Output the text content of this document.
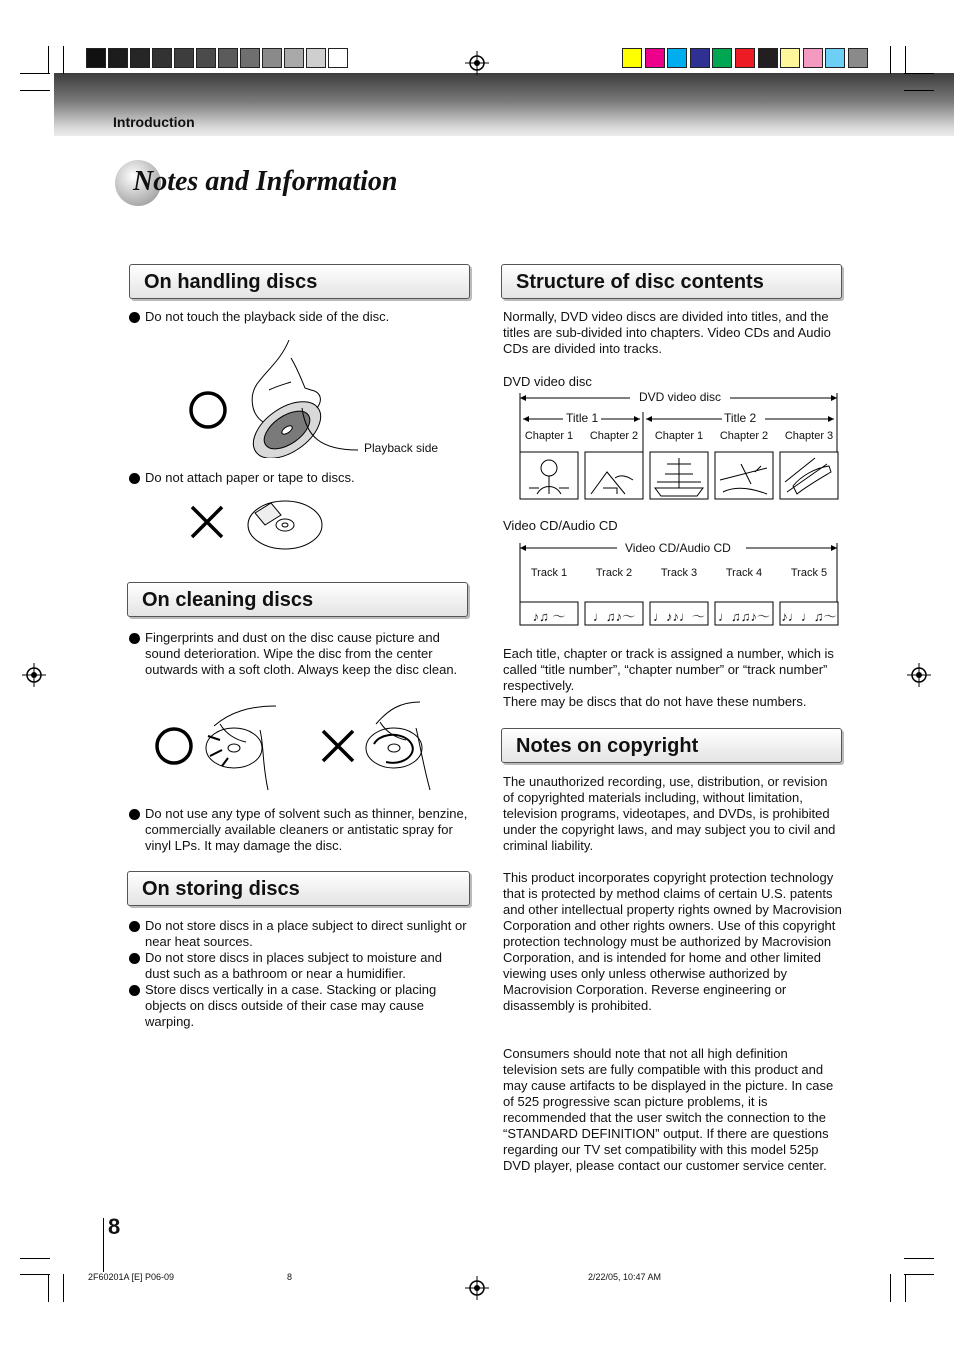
Introduction
Notes and Information
On handling discs
Do not touch the playback side of the disc.
Playback side
Do not attach paper or tape to discs.
On cleaning discs
Fingerprints and dust on the disc cause picture and sound deterioration. Wipe the disc from the center outwards with a soft cloth. Always keep the disc clean.
Do not use any type of solvent such as thinner, benzine, commercially available cleaners or antistatic spray for vinyl LPs. It may damage the disc.
On storing discs
Do not store discs in a place subject to direct sunlight or near heat sources.
Do not store discs in places subject to moisture and dust such as a bathroom or near a humidifier.
Store discs vertically in a case. Stacking or placing objects on discs outside of their case may cause warping.
Structure of disc contents
Normally, DVD video discs are divided into titles, and the titles are sub-divided into chapters. Video CDs and Audio CDs are divided into tracks.
DVD video disc
DVD video disc
Title 1	Title 2
Chapter 1	Chapter 2	Chapter 1	Chapter 2	Chapter 3
Video CD/Audio CD
Video CD/Audio CD
Track 1	Track 2	Track 3	Track 4	Track 5
♪♫ ～	♩♫♪～	♩♪♪♩～ ♩♫♫♪～ ♪♩♩♫～
Each title, chapter or track is assigned a number, which is called “title number”, “chapter number” or “track number” respectively.
There may be discs that do not have these numbers.
Notes on copyright
The unauthorized recording, use, distribution, or revision of copyrighted materials including, without limitation, television programs, videotapes, and DVDs, is prohibited under the copyright laws, and may subject you to civil and criminal liability.
This product incorporates copyright protection technology that is protected by method claims of certain U.S. patents and other intellectual property rights owned by Macrovision Corporation and other rights owners. Use of this copyright protection technology must be authorized by Macrovision Corporation, and is intended for home and other limited viewing uses only unless otherwise authorized by Macrovision Corporation. Reverse engineering or disassembly is prohibited.
Consumers should note that not all high definition television sets are fully compatible with this product and may cause artifacts to be displayed in the picture. In case of 525 progressive scan picture problems, it is recommended that the user switch the connection to the “STANDARD DEFINITION” output. If there are questions regarding our TV set compatibility with this model 525p DVD player, please contact our customer service center.
8
2F60201A [E] P06-09	8	2/22/05, 10:47 AM
